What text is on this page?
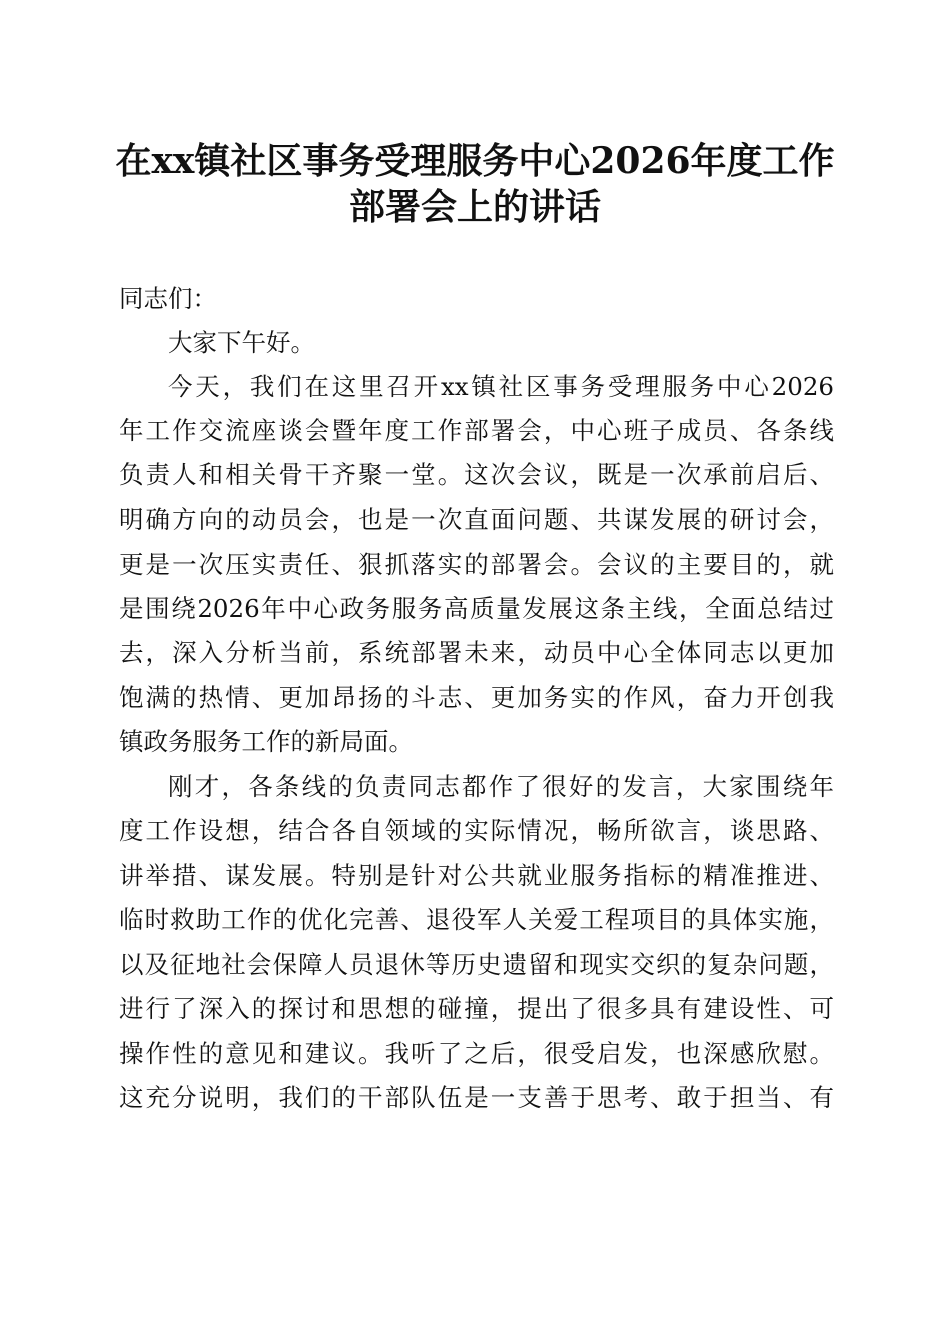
在xx镇社区事务受理服务中心2026年度工作
部署会上的讲话
同志们：
大家下午好。
今天，我们在这里召开xx镇社区事务受理服务中心2026
年工作交流座谈会暨年度工作部署会，中心班子成员、各条线
负责人和相关骨干齐聚一堂。这次会议，既是一次承前启后、
明确方向的动员会，也是一次直面问题、共谋发展的研讨会，
更是一次压实责任、狠抓落实的部署会。会议的主要目的，就
是围绕2026年中心政务服务高质量发展这条主线，全面总结过
去，深入分析当前，系统部署未来，动员中心全体同志以更加
饱满的热情、更加昂扬的斗志、更加务实的作风，奋力开创我
镇政务服务工作的新局面。
刚才，各条线的负责同志都作了很好的发言，大家围绕年
度工作设想，结合各自领域的实际情况，畅所欲言，谈思路、
讲举措、谋发展。特别是针对公共就业服务指标的精准推进、
临时救助工作的优化完善、退役军人关爱工程项目的具体实施，
以及征地社会保障人员退休等历史遗留和现实交织的复杂问题，
进行了深入的探讨和思想的碰撞，提出了很多具有建设性、可
操作性的意见和建议。我听了之后，很受启发，也深感欣慰。
这充分说明，我们的干部队伍是一支善于思考、敢于担当、有
